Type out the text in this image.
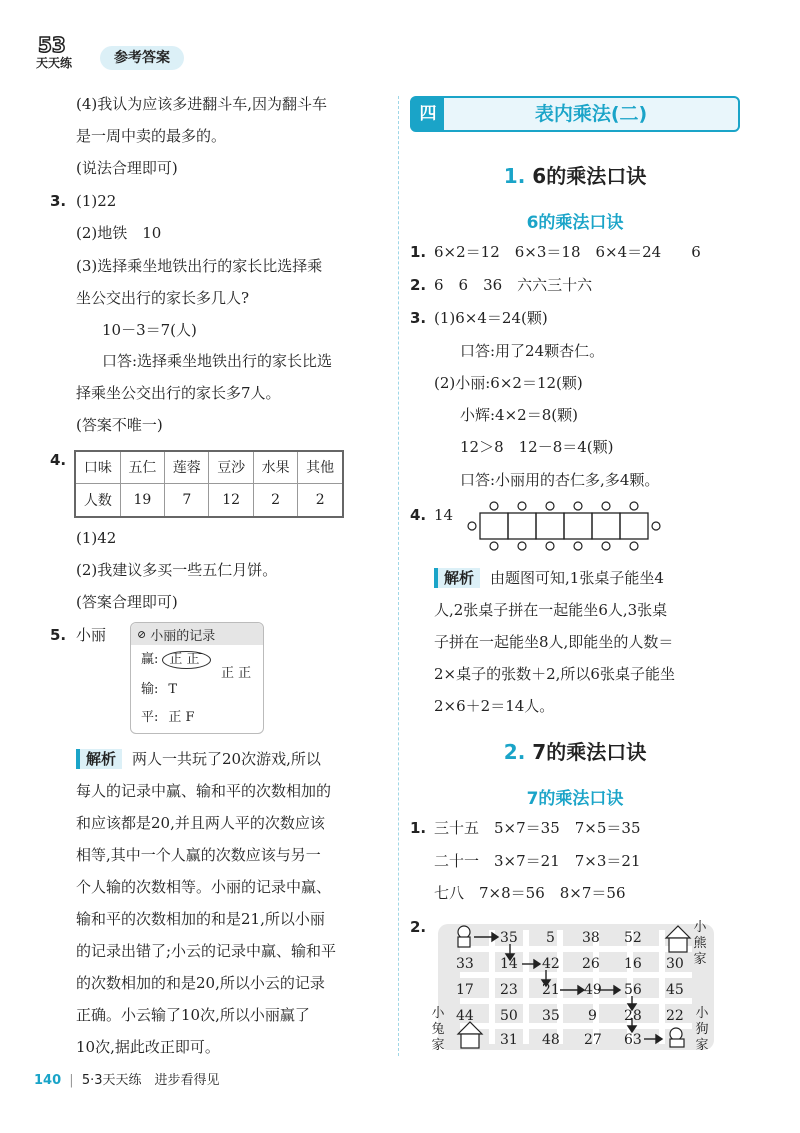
53
天天练	参考答案
(4)我认为应该多进翻斗车,因为翻斗车
是一周中卖的最多的。
(说法合理即可)
3. (1)22
(2)地铁　10
(3)选择乘坐地铁出行的家长比选择乘
坐公交出行的家长多几人?
10－3＝7(人)
口答:选择乘坐地铁出行的家长比选
择乘坐公交出行的家长多7人。
(答案不唯一)
4. 口味	五仁	莲蓉	豆沙	水果	其他
人数	19	7	12	2	2
(1)42
(2)我建议多买一些五仁月饼。
(答案合理即可)
5. 小丽	⊘ 小丽的记录
赢: 正 正 ̄
正 正
输: T
平: 正 F
解析 两人一共玩了20次游戏,所以
每人的记录中赢、输和平的次数相加的
和应该都是20,并且两人平的次数应该
相等,其中一个人赢的次数应该与另一
个人输的次数相等。小丽的记录中赢、
输和平的次数相加的和是21,所以小丽
的记录出错了;小云的记录中赢、输和平
的次数相加的和是20,所以小云的记录
正确。小云输了10次,所以小丽赢了
10次,据此改正即可。
四	表内乘法(二)
1. 6的乘法口诀
6的乘法口诀
1. 6×2＝12　6×3＝18　6×4＝24　　6
2. 6　6　36　六六三十六
3. (1)6×4＝24(颗)
口答:用了24颗杏仁。
(2)小丽:6×2＝12(颗)
小辉:4×2＝8(颗)
12＞8　12－8＝4(颗)
口答:小丽用的杏仁多,多4颗。
4. 14
解析 由题图可知,1张桌子能坐4
人,2张桌子拼在一起能坐6人,3张桌
子拼在一起能坐8人,即能坐的人数＝
2×桌子的张数＋2,所以6张桌子能坐
2×6＋2＝14人。
2. 7的乘法口诀
7的乘法口诀
1. 三十五　5×7＝35　7×5＝35
二十一　3×7＝21　7×3＝21
七八　7×8＝56　8×7＝56
2.	小
熊
家
小
兔
家
小
狗
家
35 5 38 52
33 14 42 26 16 30
17 23 21 49 56 45
44 50 35 9 28 22
31 48 27 63
140 | 5·3天天练　进步看得见
